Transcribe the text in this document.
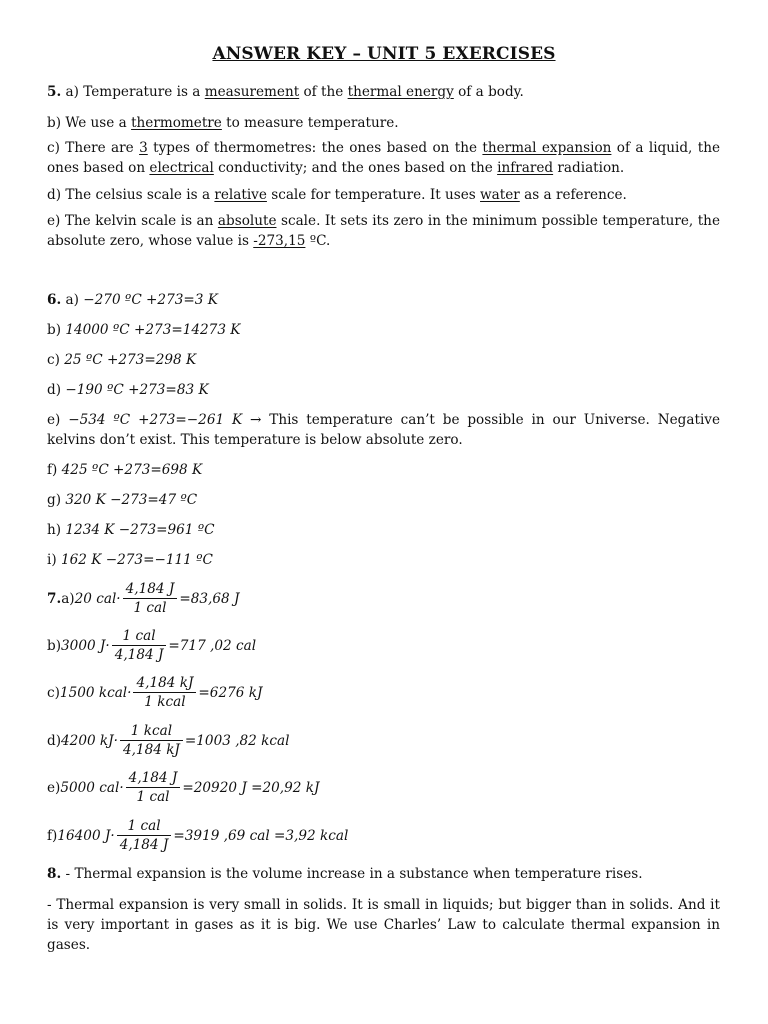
ANSWER KEY – UNIT 5 EXERCISES
5. a) Temperature is a measurement of the thermal energy of a body.
b) We use a thermometre to measure temperature.
c) There are 3 types of thermometres: the ones based on the thermal expansion of a liquid, the ones based on electrical conductivity; and the ones based on the infrared radiation.
d) The celsius scale is a relative scale for temperature. It uses water as a reference.
e) The kelvin scale is an absolute scale. It sets its zero in the minimum possible temperature, the absolute zero, whose value is -273,15 ºC.
6. a) −270 ºC +273=3 K
b) 14000 ºC +273=14273 K
c) 25 ºC +273=298 K
d) −190 ºC +273=83 K
e) −534 ºC +273=−261 K → This temperature can’t be possible in our Universe. Negative kelvins don’t exist. This temperature is below absolute zero.
f) 425 ºC +273=698 K
g) 320 K −273=47 ºC
h) 1234 K −273=961 ºC
i) 162 K −273=−111 ºC
7. a) 20 $cal\cdot \frac{4,184 J}{\text{1 cal}} =83,68$ J
b) 3000 $J\cdot \frac{\text{1 cal}}{4,184 J} =717$ ,02 cal
c) 1500 kcal· $\frac{4,184 kJ}{\text{1 kcal}} =6276$ kJ
d) 4200 $kJ\cdot \frac{\text{1 kcal}}{4,184 kJ} =1003$ ,82 kcal
e) 5000 $cal\cdot \frac{4,184 J}{\text{1 cal}} =20920$ J =20,92 kJ
f) 16400 $J\cdot \frac{\text{1 cal}}{4,184 J} =3919$ ,69 cal =3,92 kcal
8. - Thermal expansion is the volume increase in a substance when temperature rises.
- Thermal expansion is very small in solids. It is small in liquids; but bigger than in solids. And it is very important in gases as it is big. We use Charles’ Law to calculate thermal expansion in gases.
